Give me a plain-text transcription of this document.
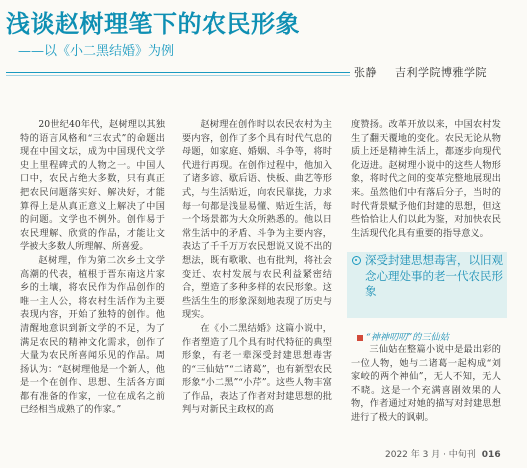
浅谈赵树理笔下的农民形象
——以《小二黑结婚》为例
张静 吉利学院博雅学院

20世纪40年代，赵树理以其独特的语言风格和“三农式”的命题出现在中国文坛，成为中国现代文学史上里程碑式的人物之一。中国人口中，农民占绝大多数，只有真正把农民问题落实好、解决好，才能算得上是从真正意义上解决了中国的问题。文学也不例外。创作易于农民理解、欣赏的作品，才能让文学被大多数人所理解、所喜爱。

赵树理，作为第二次乡土文学高潮的代表，植根于晋东南这片家乡的土壤，将农民作为作品创作的唯一主人公，将农村生活作为主要表现内容，开始了独特的创作。他清醒地意识到新文学的不足，为了满足农民的精神文化需求，创作了大量为农民所喜闻乐见的作品。周扬认为：“赵树理他是一个新人，他是一个在创作、思想、生活各方面都有准备的作家，一位在成名之前已经相当成熟了的作家。”

赵树理在创作时以农民农村为主要内容，创作了多个具有时代气息的母题，如家庭、婚姻、斗争等，将时代进行再现。在创作过程中，他加入了诸多谚、歇后语、快板、曲艺等形式，与生活贴近，向农民靠拢，力求每一句都是浅显易懂、贴近生活，每一个场景都为大众所熟悉的。他以日常生活中的矛盾、斗争为主要内容，表达了千千万万农民想说又说不出的想法，既有歌歌、也有批判，将社会变迁、农村发展与农民利益紧密结合，塑造了多种多样的农民形象。这些活生生的形象深刻地表现了历史与现实。

在《小二黑结婚》这篇小说中，作者塑造了几个具有时代特征的典型形象，有老一辈深受封建思想毒害的“三仙姑”“二诸葛”，也有新型农民形象“小二黑”“小芹”。这些人物丰富了作品，表达了作者对封建思想的批判与对新民主政权的高

度赞扬。改革开放以来，中国农村发生了翻天覆地的变化。农民无论从物质上还是精神生活上，都逐步向现代化迈进。赵树理小说中的这些人物形象，将时代之间的变革完整地展现出来。虽然他们中有落后分子，当时的时代背景赋予他们封建的思想，但这些恰恰让人们以此为鉴，对加快农民生活现代化具有重要的指导意义。

深受封建思想毒害，以旧观念心理处事的老一代农民形象
“神神叨叨”的三仙姑

三仙姑在整篇小说中是最出彩的一位人物，她与二诸葛一起构成“刘家峧的两个神仙”，无人不知，无人不晓。这是一个充满喜剧效果的人物，作者通过对她的描写对封建思想进行了极大的讽刺。

2022 年 3 月 · 中旬刊 016
